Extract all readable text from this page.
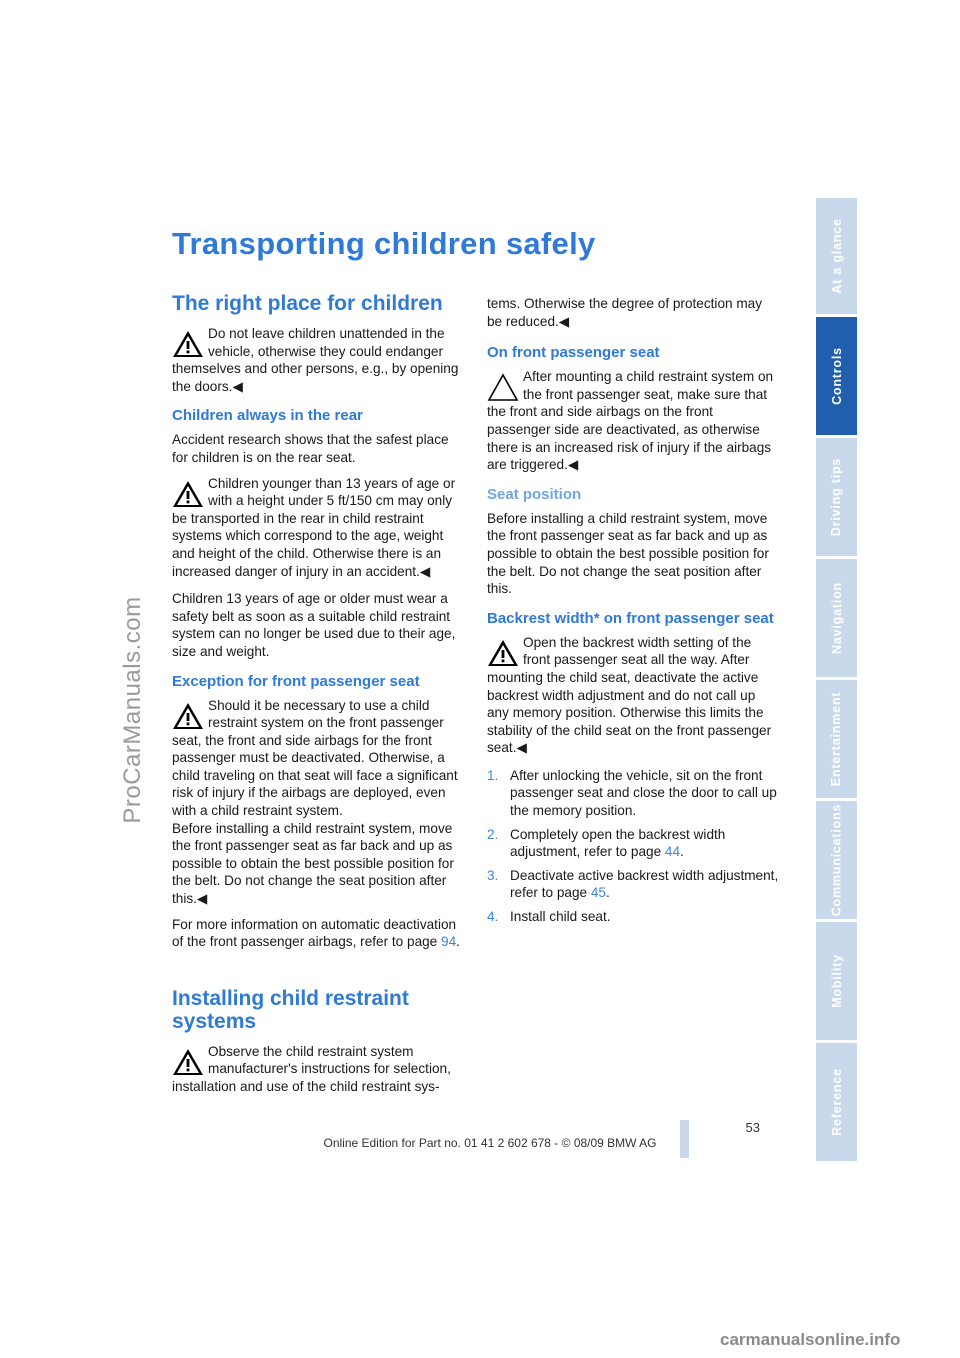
ProCarManuals.com
At a glance
Controls
Driving tips
Navigation
Entertainment
Communications
Mobility
Reference
Transporting children safely
The right place for children
Do not leave children unattended in the vehicle, otherwise they could endanger themselves and other persons, e.g., by opening the doors.◀
Children always in the rear

Accident research shows that the safest place for children is on the rear seat.

Children younger than 13 years of age or with a height under 5 ft/150 cm may only be transported in the rear in child restraint systems which correspond to the age, weight and height of the child. Otherwise there is an increased danger of injury in an accident.◀

Children 13 years of age or older must wear a safety belt as soon as a suitable child restraint system can no longer be used due to their age, size and weight.

Exception for front passenger seat
Should it be necessary to use a child restraint system on the front passenger seat, the front and side airbags for the front passenger must be deactivated. Otherwise, a child traveling on that seat will face a significant risk of injury if the airbags are deployed, even with a child restraint system.
Before installing a child restraint system, move the front passenger seat as far back and up as possible to obtain the best possible position for the belt. Do not change the seat position after this.◀

For more information on automatic deactivation of the front passenger airbags, refer to page 94.

Installing child restraint systems
Observe the child restraint system manufacturer's instructions for selection, installation and use of the child restraint sys-

tems. Otherwise the degree of protection may be reduced.◀

On front passenger seat
After mounting a child restraint system on the front passenger seat, make sure that the front and side airbags on the front passenger side are deactivated, as otherwise there is an increased risk of injury if the airbags are triggered.◀
Seat position

Before installing a child restraint system, move the front passenger seat as far back and up as possible to obtain the best possible position for the belt. Do not change the seat position after this.

Backrest width* on front passenger seat
Open the backrest width setting of the front passenger seat all the way. After mounting the child seat, deactivate the active backrest width adjustment and do not call up any memory position. Otherwise this limits the stability of the child seat on the front passenger seat.◀
1. After unlocking the vehicle, sit on the front passenger seat and close the door to call up the memory position.
2. Completely open the backrest width adjustment, refer to page 44.
3. Deactivate active backrest width adjustment, refer to page 45.
4. Install child seat.
53
Online Edition for Part no. 01 41 2 602 678 - © 08/09 BMW AG
carmanualsonline.info
